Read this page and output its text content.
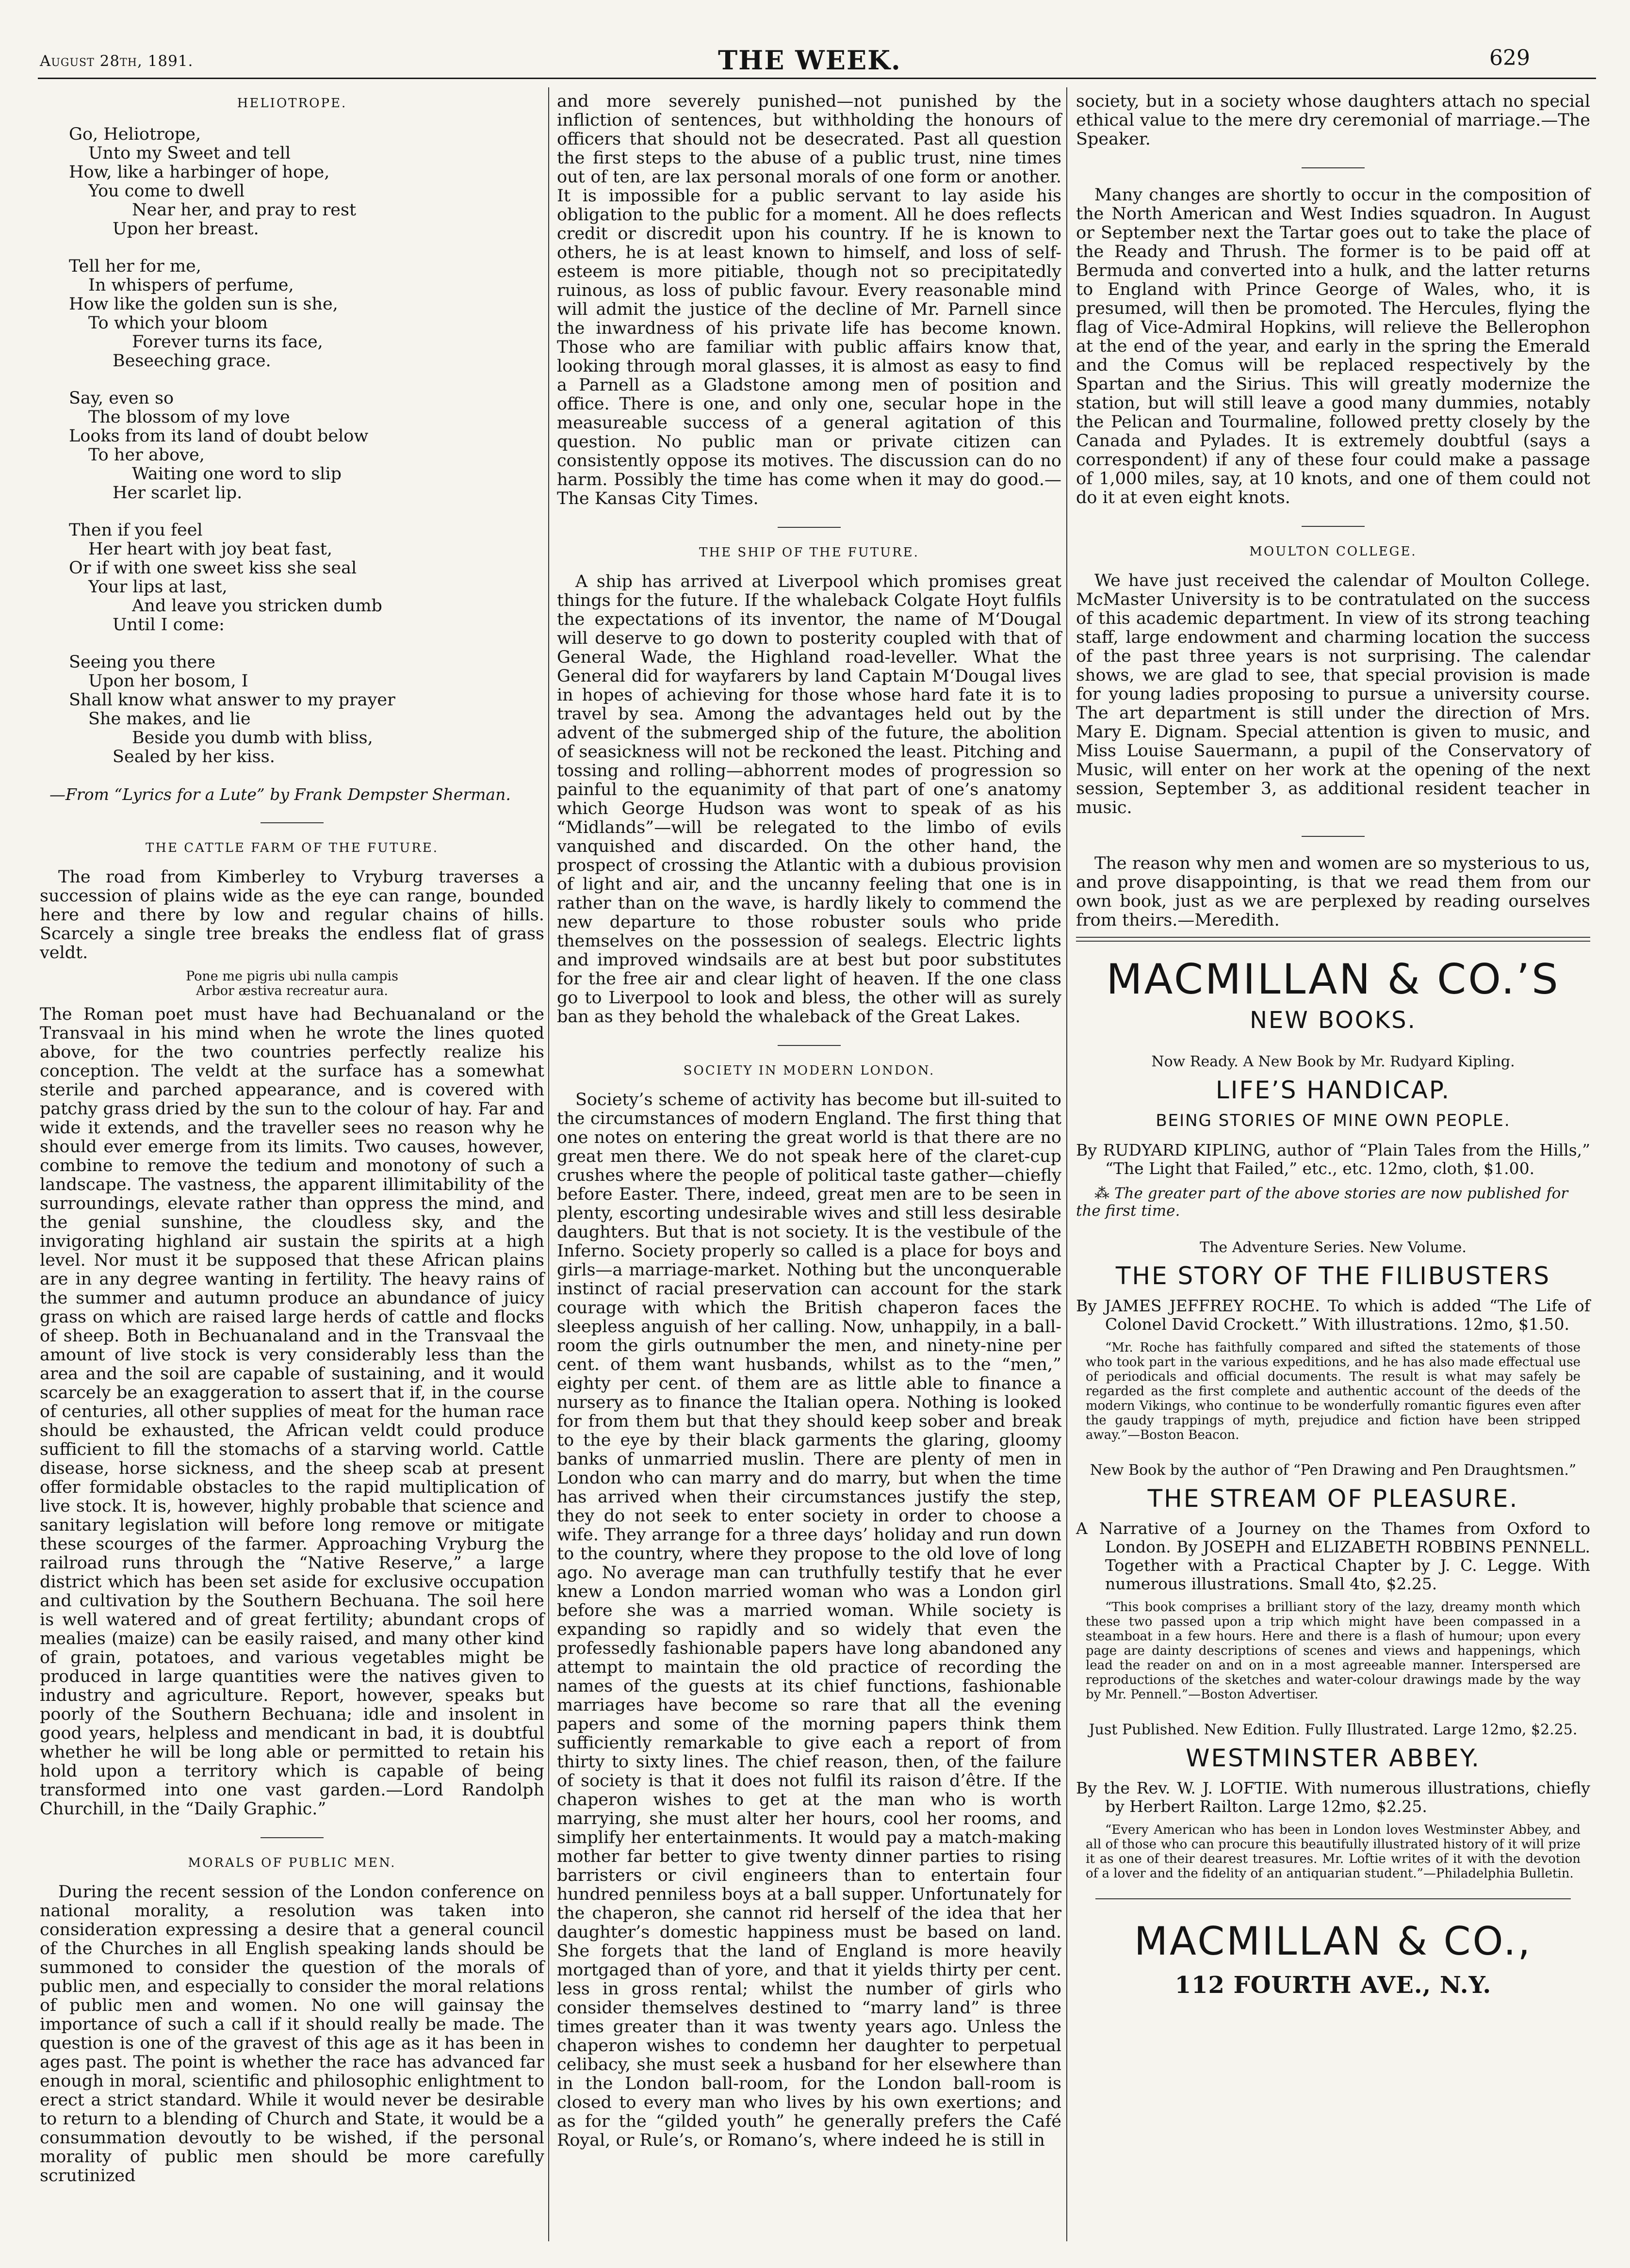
August 28th, 1891.	THE WEEK.	629
HELIOTROPE.
Go, Heliotrope,
Unto my Sweet and tell
How, like a harbinger of hope,
You come to dwell
Near her, and pray to rest
Upon her breast.
Tell her for me,
In whispers of perfume,
How like the golden sun is she,
To which your bloom
Forever turns its face,
Beseeching grace.
Say, even so
The blossom of my love
Looks from its land of doubt below
To her above,
Waiting one word to slip
Her scarlet lip.
Then if you feel
Her heart with joy beat fast,
Or if with one sweet kiss she seal
Your lips at last,
And leave you stricken dumb
Until I come:
Seeing you there
Upon her bosom, I
Shall know what answer to my prayer
She makes, and lie
Beside you dumb with bliss,
Sealed by her kiss.
—From “Lyrics for a Lute” by Frank Dempster Sherman.
THE CATTLE FARM OF THE FUTURE.

The road from Kimberley to Vryburg traverses a succession of plains wide as the eye can range, bounded here and there by low and regular chains of hills. Scarcely a single tree breaks the endless flat of grass veldt.

Pone me pigris ubi nulla campis
Arbor æstiva recreatur aura.

The Roman poet must have had Bechuanaland or the Transvaal in his mind when he wrote the lines quoted above, for the two countries perfectly realize his conception. The veldt at the surface has a somewhat sterile and parched appearance, and is covered with patchy grass dried by the sun to the colour of hay. Far and wide it extends, and the traveller sees no reason why he should ever emerge from its limits. Two causes, however, combine to remove the tedium and monotony of such a landscape. The vastness, the apparent illimitability of the surroundings, elevate rather than oppress the mind, and the genial sunshine, the cloudless sky, and the invigorating highland air sustain the spirits at a high level. Nor must it be supposed that these African plains are in any degree wanting in fertility. The heavy rains of the summer and autumn produce an abundance of juicy grass on which are raised large herds of cattle and flocks of sheep. Both in Bechuanaland and in the Transvaal the amount of live stock is very considerably less than the area and the soil are capable of sustaining, and it would scarcely be an exaggeration to assert that if, in the course of centuries, all other supplies of meat for the human race should be exhausted, the African veldt could produce sufficient to fill the stomachs of a starving world. Cattle disease, horse sickness, and the sheep scab at present offer formidable obstacles to the rapid multiplication of live stock. It is, however, highly probable that science and sanitary legislation will before long remove or mitigate these scourges of the farmer. Approaching Vryburg the railroad runs through the “Native Reserve,” a large district which has been set aside for exclusive occupation and cultivation by the Southern Bechuana. The soil here is well watered and of great fertility; abundant crops of mealies (maize) can be easily raised, and many other kind of grain, potatoes, and various vegetables might be produced in large quantities were the natives given to industry and agriculture. Report, however, speaks but poorly of the Southern Bechuana; idle and insolent in good years, helpless and mendicant in bad, it is doubtful whether he will be long able or permitted to retain his hold upon a territory which is capable of being transformed into one vast garden.—Lord Randolph Churchill, in the “Daily Graphic.”

MORALS OF PUBLIC MEN.

During the recent session of the London conference on national morality, a resolution was taken into consideration expressing a desire that a general council of the Churches in all English speaking lands should be summoned to consider the question of the morals of public men, and especially to consider the moral relations of public men and women. No one will gainsay the importance of such a call if it should really be made. The question is one of the gravest of this age as it has been in ages past. The point is whether the race has advanced far enough in moral, scientific and philosophic enlightment to erect a strict standard. While it would never be desirable to return to a blending of Church and State, it would be a consummation devoutly to be wished, if the personal morality of public men should be more carefully scrutinized

and more severely punished—not punished by the infliction of sentences, but withholding the honours of officers that should not be desecrated. Past all question the first steps to the abuse of a public trust, nine times out of ten, are lax personal morals of one form or another. It is impossible for a public servant to lay aside his obligation to the public for a moment. All he does reflects credit or discredit upon his country. If he is known to others, he is at least known to himself, and loss of self-esteem is more pitiable, though not so precipitatedly ruinous, as loss of public favour. Every reasonable mind will admit the justice of the decline of Mr. Parnell since the inwardness of his private life has become known. Those who are familiar with public affairs know that, looking through moral glasses, it is almost as easy to find a Parnell as a Gladstone among men of position and office. There is one, and only one, secular hope in the measureable success of a general agitation of this question. No public man or private citizen can consistently oppose its motives. The discussion can do no harm. Possibly the time has come when it may do good.—The Kansas City Times.

THE SHIP OF THE FUTURE.

A ship has arrived at Liverpool which promises great things for the future. If the whaleback Colgate Hoyt fulfils the expectations of its inventor, the name of M‘Dougal will deserve to go down to posterity coupled with that of General Wade, the Highland road-leveller. What the General did for wayfarers by land Captain M‘Dougal lives in hopes of achieving for those whose hard fate it is to travel by sea. Among the advantages held out by the advent of the submerged ship of the future, the abolition of seasickness will not be reckoned the least. Pitching and tossing and rolling—abhorrent modes of progression so painful to the equanimity of that part of one’s anatomy which George Hudson was wont to speak of as his “Midlands”—will be relegated to the limbo of evils vanquished and discarded. On the other hand, the prospect of crossing the Atlantic with a dubious provision of light and air, and the uncanny feeling that one is in rather than on the wave, is hardly likely to commend the new departure to those robuster souls who pride themselves on the possession of sealegs. Electric lights and improved windsails are at best but poor substitutes for the free air and clear light of heaven. If the one class go to Liverpool to look and bless, the other will as surely ban as they behold the whaleback of the Great Lakes.

SOCIETY IN MODERN LONDON.

Society’s scheme of activity has become but ill-suited to the circumstances of modern England. The first thing that one notes on entering the great world is that there are no great men there. We do not speak here of the claret-cup crushes where the people of political taste gather—chiefly before Easter. There, indeed, great men are to be seen in plenty, escorting undesirable wives and still less desirable daughters. But that is not society. It is the vestibule of the Inferno. Society properly so called is a place for boys and girls—a marriage-market. Nothing but the unconquerable instinct of racial preservation can account for the stark courage with which the British chaperon faces the sleepless anguish of her calling. Now, unhappily, in a ball-room the girls outnumber the men, and ninety-nine per cent. of them want husbands, whilst as to the “men,” eighty per cent. of them are as little able to finance a nursery as to finance the Italian opera. Nothing is looked for from them but that they should keep sober and break to the eye by their black garments the glaring, gloomy banks of unmarried muslin. There are plenty of men in London who can marry and do marry, but when the time has arrived when their circumstances justify the step, they do not seek to enter society in order to choose a wife. They arrange for a three days’ holiday and run down to the country, where they propose to the old love of long ago. No average man can truthfully testify that he ever knew a London married woman who was a London girl before she was a married woman. While society is expanding so rapidly and so widely that even the professedly fashionable papers have long abandoned any attempt to maintain the old practice of recording the names of the guests at its chief functions, fashionable marriages have become so rare that all the evening papers and some of the morning papers think them sufficiently remarkable to give each a report of from thirty to sixty lines. The chief reason, then, of the failure of society is that it does not fulfil its raison d’être. If the chaperon wishes to get at the man who is worth marrying, she must alter her hours, cool her rooms, and simplify her entertainments. It would pay a match-making mother far better to give twenty dinner parties to rising barristers or civil engineers than to entertain four hundred penniless boys at a ball supper. Unfortunately for the chaperon, she cannot rid herself of the idea that her daughter’s domestic happiness must be based on land. She forgets that the land of England is more heavily mortgaged than of yore, and that it yields thirty per cent. less in gross rental; whilst the number of girls who consider themselves destined to “marry land” is three times greater than it was twenty years ago. Unless the chaperon wishes to condemn her daughter to perpetual celibacy, she must seek a husband for her elsewhere than in the London ball-room, for the London ball-room is closed to every man who lives by his own exertions; and as for the “gilded youth” he generally prefers the Café Royal, or Rule’s, or Romano’s, where indeed he is still in

society, but in a society whose daughters attach no special ethical value to the mere dry ceremonial of marriage.—The Speaker.

Many changes are shortly to occur in the composition of the North American and West Indies squadron. In August or September next the Tartar goes out to take the place of the Ready and Thrush. The former is to be paid off at Bermuda and converted into a hulk, and the latter returns to England with Prince George of Wales, who, it is presumed, will then be promoted. The Hercules, flying the flag of Vice-Admiral Hopkins, will relieve the Bellerophon at the end of the year, and early in the spring the Emerald and the Comus will be replaced respectively by the Spartan and the Sirius. This will greatly modernize the station, but will still leave a good many dummies, notably the Pelican and Tourmaline, followed pretty closely by the Canada and Pylades. It is extremely doubtful (says a correspondent) if any of these four could make a passage of 1,000 miles, say, at 10 knots, and one of them could not do it at even eight knots.

MOULTON COLLEGE.

We have just received the calendar of Moulton College. McMaster University is to be contratulated on the success of this academic department. In view of its strong teaching staff, large endowment and charming location the success of the past three years is not surprising. The calendar shows, we are glad to see, that special provision is made for young ladies proposing to pursue a university course. The art department is still under the direction of Mrs. Mary E. Dignam. Special attention is given to music, and Miss Louise Sauermann, a pupil of the Conservatory of Music, will enter on her work at the opening of the next session, September 3, as additional resident teacher in music.

The reason why men and women are so mysterious to us, and prove disappointing, is that we read them from our own book, just as we are perplexed by reading ourselves from theirs.—Meredith.

MACMILLAN & CO.’S
NEW BOOKS.
Now Ready. A New Book by Mr. Rudyard Kipling.
LIFE’S HANDICAP.
BEING STORIES OF MINE OWN PEOPLE.
By RUDYARD KIPLING, author of “Plain Tales from the Hills,” “The Light that Failed,” etc., etc. 12mo, cloth, $1.00.
⁂ The greater part of the above stories are now published for the first time.
The Adventure Series. New Volume.
THE STORY OF THE FILIBUSTERS
By JAMES JEFFREY ROCHE. To which is added “The Life of Colonel David Crockett.” With illustrations. 12mo, $1.50.
“Mr. Roche has faithfully compared and sifted the statements of those who took part in the various expeditions, and he has also made effectual use of periodicals and official documents. The result is what may safely be regarded as the first complete and authentic account of the deeds of the modern Vikings, who continue to be wonderfully romantic figures even after the gaudy trappings of myth, prejudice and fiction have been stripped away.”—Boston Beacon.
New Book by the author of “Pen Drawing and Pen Draughtsmen.”
THE STREAM OF PLEASURE.
A Narrative of a Journey on the Thames from Oxford to London. By JOSEPH and ELIZABETH ROBBINS PENNELL. Together with a Practical Chapter by J. C. Legge. With numerous illustrations. Small 4to, $2.25.
“This book comprises a brilliant story of the lazy, dreamy month which these two passed upon a trip which might have been compassed in a steamboat in a few hours. Here and there is a flash of humour; upon every page are dainty descriptions of scenes and views and happenings, which lead the reader on and on in a most agreeable manner. Interspersed are reproductions of the sketches and water-colour drawings made by the way by Mr. Pennell.”—Boston Advertiser.
Just Published. New Edition. Fully Illustrated. Large 12mo, $2.25.
WESTMINSTER ABBEY.
By the Rev. W. J. LOFTIE. With numerous illustrations, chiefly by Herbert Railton. Large 12mo, $2.25.
“Every American who has been in London loves Westminster Abbey, and all of those who can procure this beautifully illustrated history of it will prize it as one of their dearest treasures. Mr. Loftie writes of it with the devotion of a lover and the fidelity of an antiquarian student.”—Philadelphia Bulletin.
MACMILLAN & CO.,
112 FOURTH AVE., N.Y.
